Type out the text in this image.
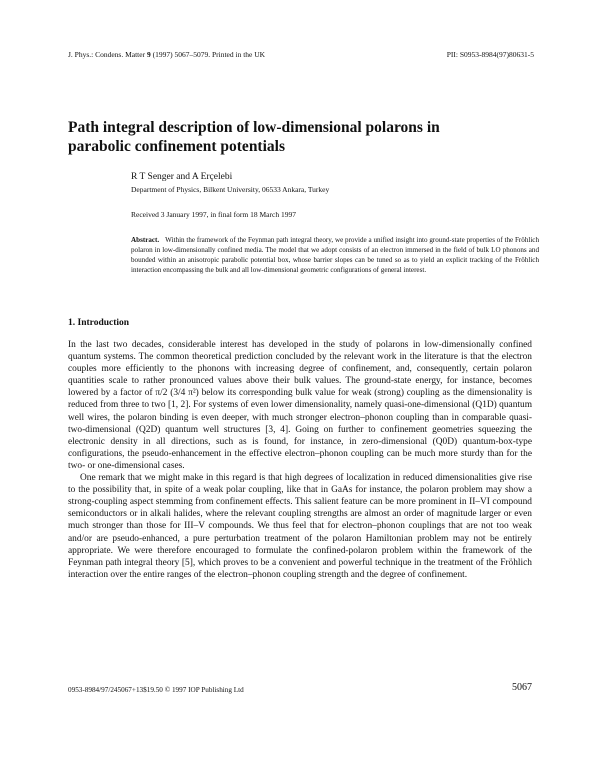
J. Phys.: Condens. Matter 9 (1997) 5067–5079. Printed in the UK	PII: S0953-8984(97)80631-5
Path integral description of low-dimensional polarons in parabolic confinement potentials
R T Senger and A Erçelebi
Department of Physics, Bilkent University, 06533 Ankara, Turkey
Received 3 January 1997, in final form 18 March 1997
Abstract. Within the framework of the Feynman path integral theory, we provide a unified insight into ground-state properties of the Fröhlich polaron in low-dimensionally confined media. The model that we adopt consists of an electron immersed in the field of bulk LO phonons and bounded within an anisotropic parabolic potential box, whose barrier slopes can be tuned so as to yield an explicit tracking of the Fröhlich interaction encompassing the bulk and all low-dimensional geometric configurations of general interest.
1. Introduction

In the last two decades, considerable interest has developed in the study of polarons in low-dimensionally confined quantum systems. The common theoretical prediction concluded by the relevant work in the literature is that the electron couples more efficiently to the phonons with increasing degree of confinement, and, consequently, certain polaron quantities scale to rather pronounced values above their bulk values. The ground-state energy, for instance, becomes lowered by a factor of π/2 (3/4 π²) below its corresponding bulk value for weak (strong) coupling as the dimensionality is reduced from three to two [1, 2]. For systems of even lower dimensionality, namely quasi-one-dimensional (Q1D) quantum well wires, the polaron binding is even deeper, with much stronger electron–phonon coupling than in comparable quasi-two-dimensional (Q2D) quantum well structures [3, 4]. Going on further to confinement geometries squeezing the electronic density in all directions, such as is found, for instance, in zero-dimensional (Q0D) quantum-box-type configurations, the pseudo-enhancement in the effective electron–phonon coupling can be much more sturdy than for the two- or one-dimensional cases.

One remark that we might make in this regard is that high degrees of localization in reduced dimensionalities give rise to the possibility that, in spite of a weak polar coupling, like that in GaAs for instance, the polaron problem may show a strong-coupling aspect stemming from confinement effects. This salient feature can be more prominent in II–VI compound semiconductors or in alkali halides, where the relevant coupling strengths are almost an order of magnitude larger or even much stronger than those for III–V compounds. We thus feel that for electron–phonon couplings that are not too weak and/or are pseudo-enhanced, a pure perturbation treatment of the polaron Hamiltonian problem may not be entirely appropriate. We were therefore encouraged to formulate the confined-polaron problem within the framework of the Feynman path integral theory [5], which proves to be a convenient and powerful technique in the treatment of the Fröhlich interaction over the entire ranges of the electron–phonon coupling strength and the degree of confinement.

0953-8984/97/245067+13$19.50 © 1997 IOP Publishing Ltd	5067
